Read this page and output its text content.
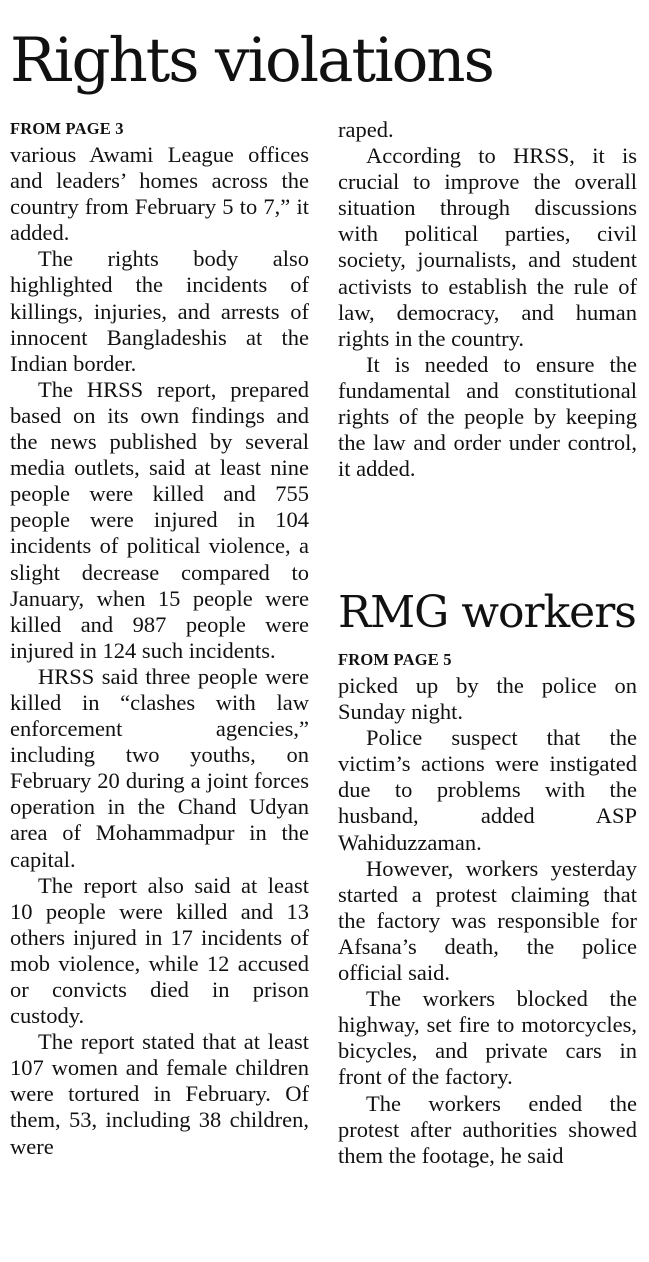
Rights violations
FROM PAGE 3

various Awami League offices and leaders’ homes across the country from February 5 to 7,” it added.

The rights body also highlighted the incidents of killings, injuries, and arrests of innocent Bangladeshis at the Indian border.

The HRSS report, prepared based on its own findings and the news published by several media outlets, said at least nine people were killed and 755 people were injured in 104 incidents of political violence, a slight decrease compared to January, when 15 people were killed and 987 people were injured in 124 such incidents.

HRSS said three people were killed in “clashes with law enforcement agencies,” including two youths, on February 20 during a joint forces operation in the Chand Udyan area of Mohammadpur in the capital.

The report also said at least 10 people were killed and 13 others injured in 17 incidents of mob violence, while 12 accused or convicts died in prison custody.

The report stated that at least 107 women and female children were tortured in February. Of them, 53, including 38 children, were

raped.

According to HRSS, it is crucial to improve the overall situation through discussions with political parties, civil society, journalists, and student activists to establish the rule of law, democracy, and human rights in the country.

It is needed to ensure the fundamental and constitutional rights of the people by keeping the law and order under control, it added.

RMG workers
FROM PAGE 5

picked up by the police on Sunday night.

Police suspect that the victim’s actions were instigated due to problems with the husband, added ASP Wahiduzzaman.

However, workers yesterday started a protest claiming that the factory was responsible for Afsana’s death, the police official said.

The workers blocked the highway, set fire to motorcycles, bicycles, and private cars in front of the factory.

The workers ended the protest after authorities showed them the footage, he said
